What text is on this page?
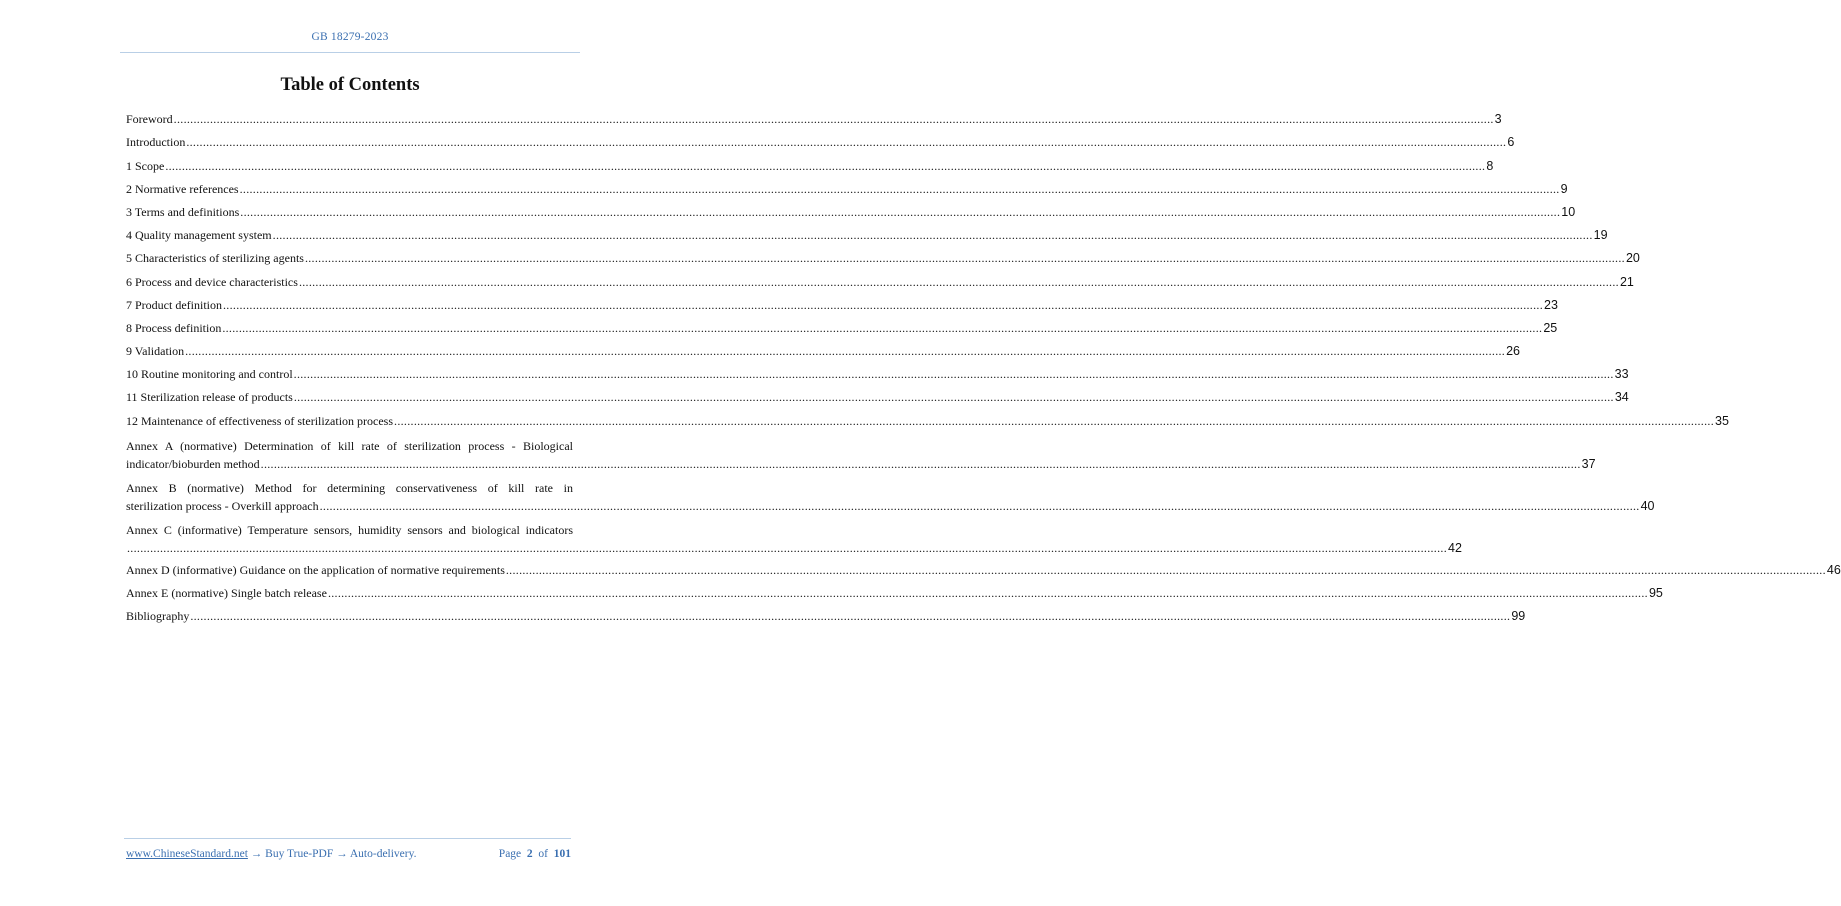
GB 18279-2023
Table of Contents
Foreword ................................................................................................................................................................................................................................................................................................................................................................................................................ 3
Introduction ................................................................................................................................................................................................................................................................................................................................................................................................................ 6
1 Scope ................................................................................................................................................................................................................................................................................................................................................................................................................ 8
2 Normative references ................................................................................................................................................................................................................................................................................................................................................................................................................ 9
3 Terms and definitions ................................................................................................................................................................................................................................................................................................................................................................................................................ 10
4 Quality management system ................................................................................................................................................................................................................................................................................................................................................................................................................ 19
5 Characteristics of sterilizing agents ................................................................................................................................................................................................................................................................................................................................................................................................................ 20
6 Process and device characteristics ................................................................................................................................................................................................................................................................................................................................................................................................................ 21
7 Product definition ................................................................................................................................................................................................................................................................................................................................................................................................................ 23
8 Process definition ................................................................................................................................................................................................................................................................................................................................................................................................................ 25
9 Validation ................................................................................................................................................................................................................................................................................................................................................................................................................ 26
10 Routine monitoring and control ................................................................................................................................................................................................................................................................................................................................................................................................................ 33
11 Sterilization release of products ................................................................................................................................................................................................................................................................................................................................................................................................................ 34
12 Maintenance of effectiveness of sterilization process ................................................................................................................................................................................................................................................................................................................................................................................................................ 35
Annex A (normative) Determination of kill rate of sterilization process - Biological
indicator/bioburden method ................................................................................................................................................................................................................................................................................................................................................................................................................ 37
Annex B (normative) Method for determining conservativeness of kill rate in
sterilization process - Overkill approach ................................................................................................................................................................................................................................................................................................................................................................................................................ 40
Annex C (informative) Temperature sensors, humidity sensors and biological indicators
................................................................................................................................................................................................................................................................................................................................................................................................................ 42
Annex D (informative) Guidance on the application of normative requirements ................................................................................................................................................................................................................................................................................................................................................................................................................ 46
Annex E (normative) Single batch release ................................................................................................................................................................................................................................................................................................................................................................................................................ 95
Bibliography ................................................................................................................................................................................................................................................................................................................................................................................................................ 99
www.ChineseStandard.net → Buy True-PDF → Auto-delivery.	Page 2 of 101
